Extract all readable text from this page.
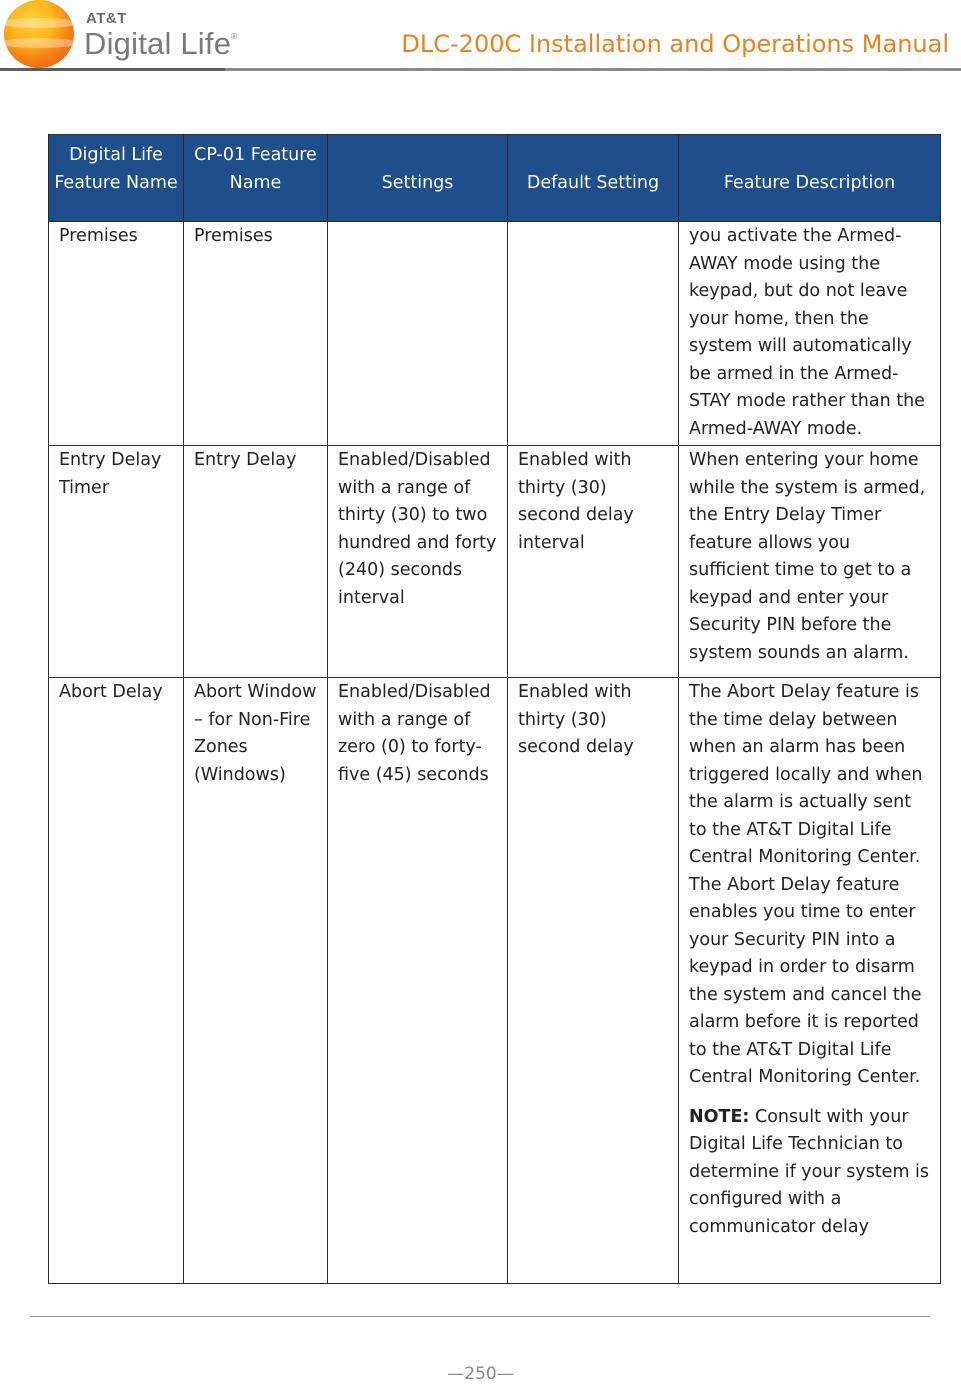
AT&T
Digital Life®	DLC-200C Installation and Operations Manual
Digital Life Feature Name	CP-01 Feature Name	Settings	Default Setting	Feature Description
Premises	Premises			you activate the Armed-AWAY mode using the keypad, but do not leave your home, then the system will automatically be armed in the Armed-STAY mode rather than the Armed-AWAY mode.
Entry Delay Timer	Entry Delay	Enabled/Disabled with a range of thirty (30) to two hundred and forty (240) seconds interval	Enabled with thirty (30) second delay interval	When entering your home while the system is armed, the Entry Delay Timer feature allows you sufficient time to get to a keypad and enter your Security PIN before the system sounds an alarm.
Abort Delay	Abort Window – for Non-Fire Zones (Windows)	Enabled/Disabled with a range of zero (0) to forty-five (45) seconds	Enabled with thirty (30) second delay	The Abort Delay feature is the time delay between when an alarm has been triggered locally and when the alarm is actually sent to the AT&T Digital Life Central Monitoring Center. The Abort Delay feature enables you time to enter your Security PIN into a keypad in order to disarm the system and cancel the alarm before it is reported to the AT&T Digital Life Central Monitoring Center.

NOTE: Consult with your Digital Life Technician to determine if your system is configured with a communicator delay

—250—
